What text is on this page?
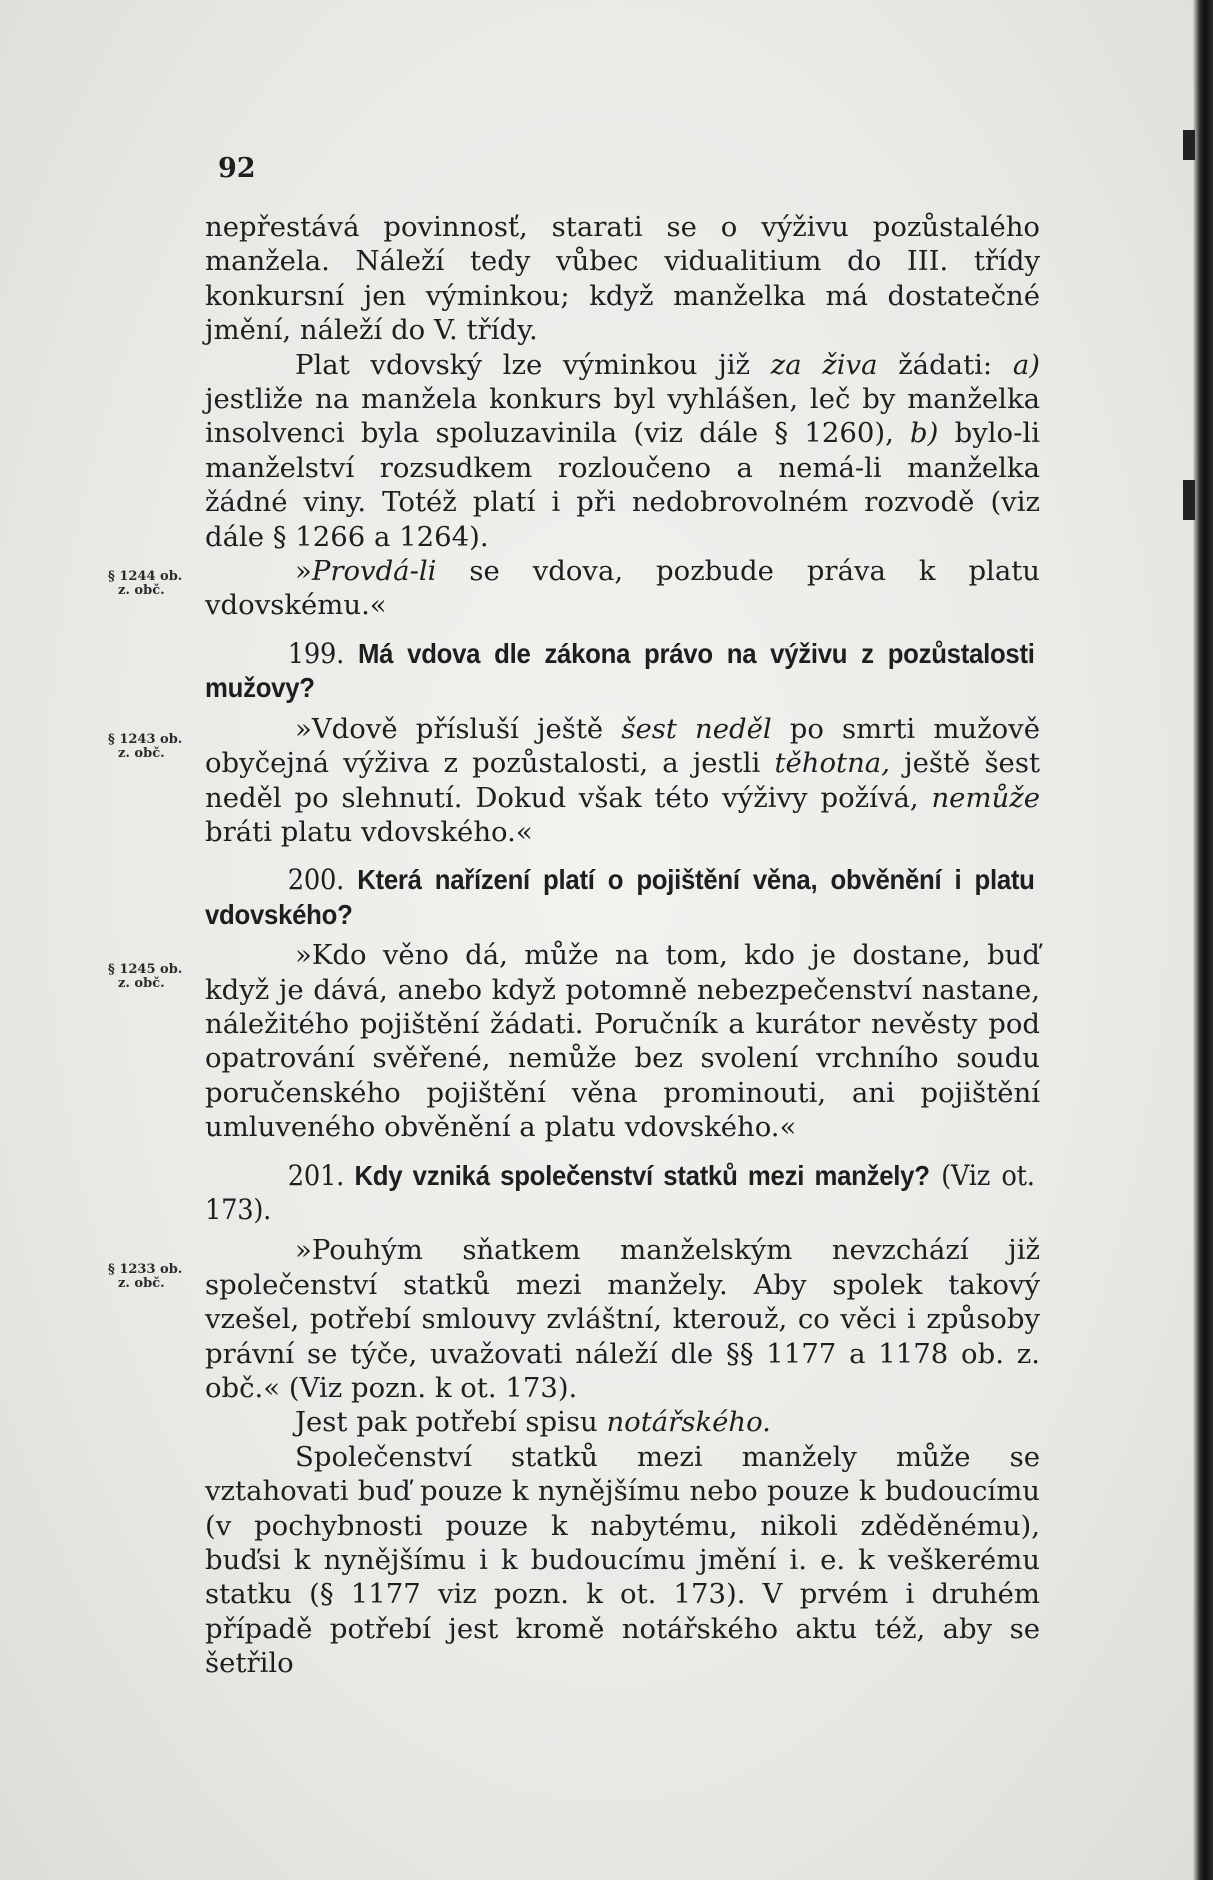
92
§ 1244 ob.
z. obč.
§ 1243 ob.
z. obč.
§ 1245 ob.
z. obč.
§ 1233 ob.
z. obč.

nepřestává povinnosť, starati se o výživu pozůstalého manžela. Náleží tedy vůbec vidualitium do III. třídy konkursní jen výminkou; když manželka má dostatečné jmění, náleží do V. třídy.

Plat vdovský lze výminkou již za živa žádati: a) jestliže na manžela konkurs byl vyhlášen, leč by manželka insolvenci byla spoluzavinila (viz dále § 1260), b) bylo-li manželství rozsudkem rozloučeno a nemá-li manželka žádné viny. Totéž platí i při nedobrovolném rozvodě (viz dále § 1266 a 1264).

»Provdá-li se vdova, pozbude práva k platu vdovskému.«

199. Má vdova dle zákona právo na výživu z pozůstalosti mužovy?

»Vdově přísluší ještě šest neděl po smrti mužově obyčejná výživa z pozůstalosti, a jestli těhotna, ještě šest neděl po slehnutí. Dokud však této výživy požívá, nemůže bráti platu vdovského.«

200. Která nařízení platí o pojištění věna, obvěnění i platu vdovského?

»Kdo věno dá, může na tom, kdo je dostane, buď když je dává, anebo když potomně nebezpečenství nastane, náležitého pojištění žádati. Poručník a kurátor nevěsty pod opatrování svěřené, nemůže bez svolení vrchního soudu poručenského pojištění věna prominouti, ani pojištění umluveného obvěnění a platu vdovského.«

201. Kdy vzniká společenství statků mezi manžely? (Viz ot. 173).

»Pouhým sňatkem manželským nevzchází již společenství statků mezi manžely. Aby spolek takový vzešel, potřebí smlouvy zvláštní, kterouž, co věci i způsoby právní se týče, uvažovati náleží dle §§ 1177 a 1178 ob. z. obč.« (Viz pozn. k ot. 173).

Jest pak potřebí spisu notářského.

Společenství statků mezi manžely může se vztahovati buď pouze k nynějšímu nebo pouze k budoucímu (v pochybnosti pouze k nabytému, nikoli zděděnému), buďsi k nynějšímu i k budoucímu jmění i. e. k veškerému statku (§ 1177 viz pozn. k ot. 173). V prvém i druhém případě potřebí jest kromě notářského aktu též, aby se šetřilo
